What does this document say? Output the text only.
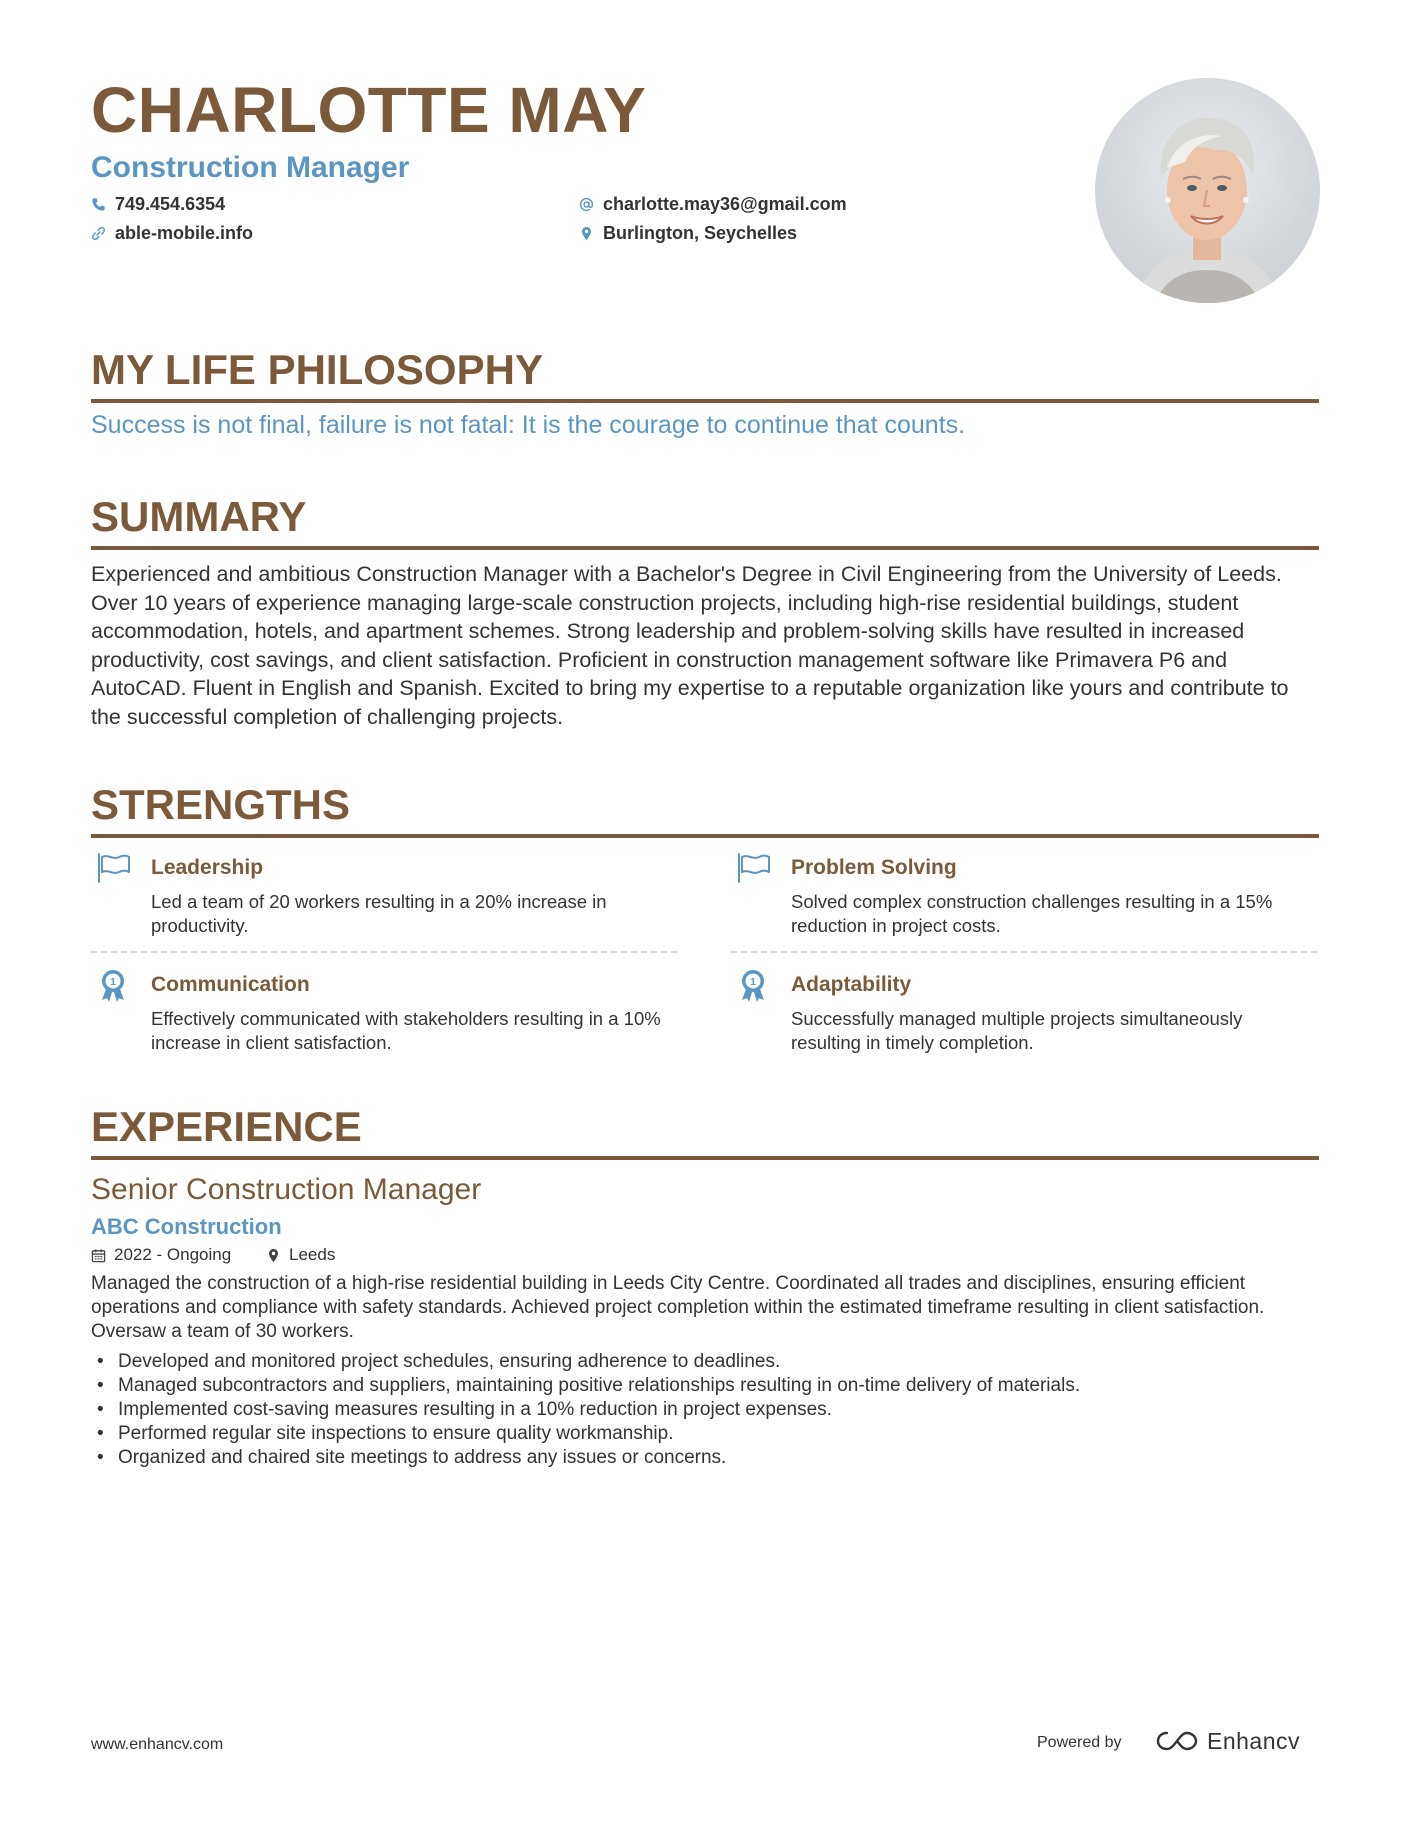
CHARLOTTE MAY
Construction Manager
749.454.6354
able-mobile.info
charlotte.may36@gmail.com
Burlington, Seychelles
MY LIFE PHILOSOPHY
Success is not final, failure is not fatal: It is the courage to continue that counts.
SUMMARY
Experienced and ambitious Construction Manager with a Bachelor's Degree in Civil Engineering from the University of Leeds. Over 10 years of experience managing large-scale construction projects, including high-rise residential buildings, student accommodation, hotels, and apartment schemes. Strong leadership and problem-solving skills have resulted in increased productivity, cost savings, and client satisfaction. Proficient in construction management software like Primavera P6 and AutoCAD. Fluent in English and Spanish. Excited to bring my expertise to a reputable organization like yours and contribute to the successful completion of challenging projects.
STRENGTHS
Leadership
Led a team of 20 workers resulting in a 20% increase in productivity.
Problem Solving
Solved complex construction challenges resulting in a 15% reduction in project costs.
1 Communication
Effectively communicated with stakeholders resulting in a 10% increase in client satisfaction.
1 Adaptability
Successfully managed multiple projects simultaneously resulting in timely completion.
EXPERIENCE
Senior Construction Manager
ABC Construction
2022 - Ongoing	Leeds
Managed the construction of a high-rise residential building in Leeds City Centre. Coordinated all trades and disciplines, ensuring efficient operations and compliance with safety standards. Achieved project completion within the estimated timeframe resulting in client satisfaction. Oversaw a team of 30 workers.
• Developed and monitored project schedules, ensuring adherence to deadlines.
• Managed subcontractors and suppliers, maintaining positive relationships resulting in on-time delivery of materials.
• Implemented cost-saving measures resulting in a 10% reduction in project expenses.
• Performed regular site inspections to ensure quality workmanship.
• Organized and chaired site meetings to address any issues or concerns.
www.enhancv.com	Powered by	Enhancv
